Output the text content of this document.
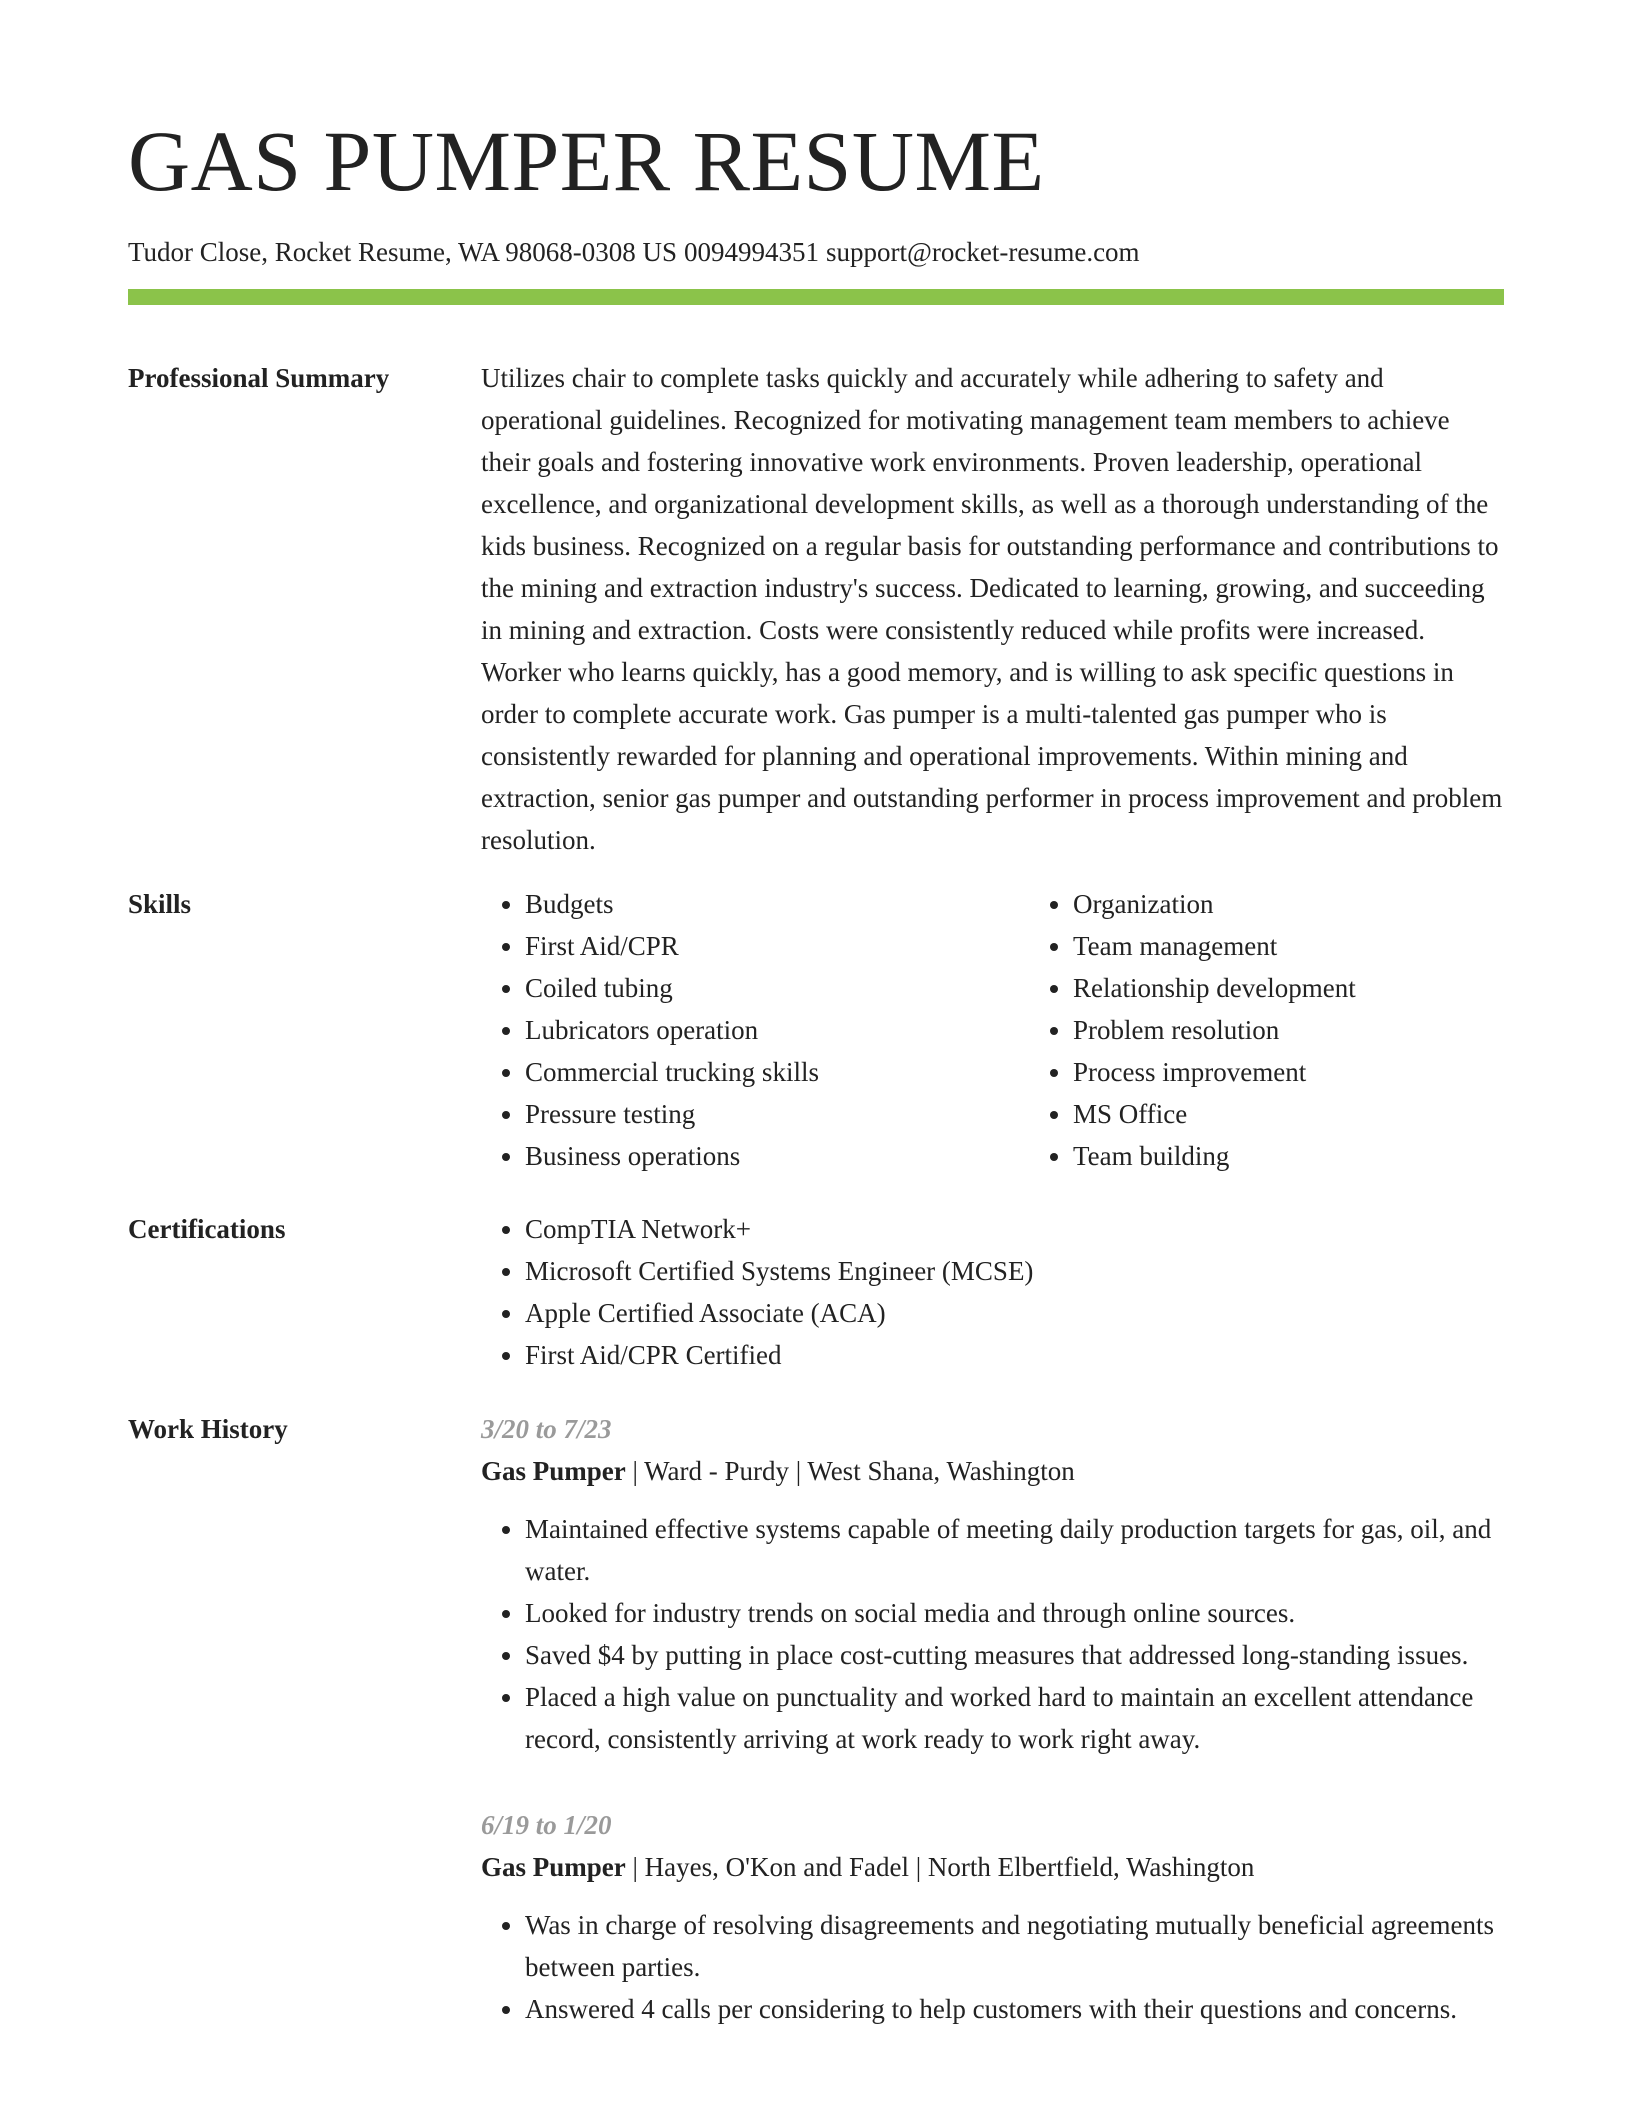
GAS PUMPER RESUME
Tudor Close, Rocket Resume, WA 98068-0308 US 0094994351 support@rocket-resume.com
Professional Summary	Utilizes chair to complete tasks quickly and accurately while adhering to safety and operational guidelines. Recognized for motivating management team members to achieve their goals and fostering innovative work environments. Proven leadership, operational excellence, and organizational development skills, as well as a thorough understanding of the kids business. Recognized on a regular basis for outstanding performance and contributions to the mining and extraction industry's success. Dedicated to learning, growing, and succeeding in mining and extraction. Costs were consistently reduced while profits were increased. Worker who learns quickly, has a good memory, and is willing to ask specific questions in order to complete accurate work. Gas pumper is a multi-talented gas pumper who is consistently rewarded for planning and operational improvements. Within mining and extraction, senior gas pumper and outstanding performer in process improvement and problem resolution.

Skills	• Budgets
• First Aid/CPR
• Coiled tubing
• Lubricators operation
• Commercial trucking skills
• Pressure testing
• Business operations
• Organization
• Team management
• Relationship development
• Problem resolution
• Process improvement
• MS Office
• Team building
Certifications	• CompTIA Network+
• Microsoft Certified Systems Engineer (MCSE)
• Apple Certified Associate (ACA)
• First Aid/CPR Certified
Work History	3/20 to 7/23
Gas Pumper | Ward - Purdy | West Shana, Washington
• Maintained effective systems capable of meeting daily production targets for gas, oil, and water.
• Looked for industry trends on social media and through online sources.
• Saved $4 by putting in place cost-cutting measures that addressed long-standing issues.
• Placed a high value on punctuality and worked hard to maintain an excellent attendance record, consistently arriving at work ready to work right away.
6/19 to 1/20
Gas Pumper | Hayes, O'Kon and Fadel | North Elbertfield, Washington
• Was in charge of resolving disagreements and negotiating mutually beneficial agreements between parties.
• Answered 4 calls per considering to help customers with their questions and concerns.
